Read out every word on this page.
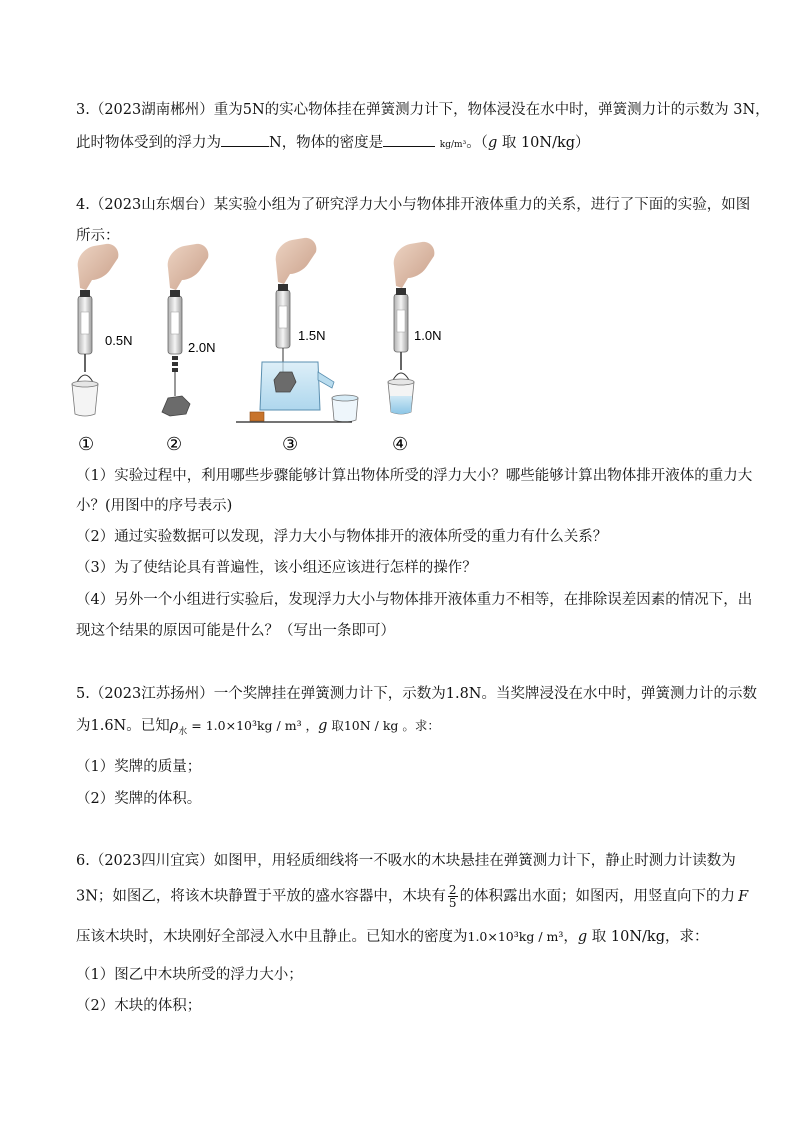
3.（2023湖南郴州）重为5N的实心物体挂在弹簧测力计下，物体浸没在水中时，弹簧测力计的示数为 3N，
此时物体受到的浮力为	N，物体的密度是	kg/m³。（g 取 10N/kg）
4.（2023山东烟台）某实验小组为了研究浮力大小与物体排开液体重力的关系，进行了下面的实验，如图
所示：
0.5N
①
2.0N
②
1.5N
③
1.0N
④
（1）实验过程中，利用哪些步骤能够计算出物体所受的浮力大小？哪些能够计算出物体排开液体的重力大
小？(用图中的序号表示)
（2）通过实验数据可以发现，浮力大小与物体排开的液体所受的重力有什么关系？
（3）为了使结论具有普遍性，该小组还应该进行怎样的操作？
（4）另外一个小组进行实验后，发现浮力大小与物体排开液体重力不相等，在排除误差因素的情况下，出
现这个结果的原因可能是什么？（写出一条即可）
5.（2023江苏扬州）一个奖牌挂在弹簧测力计下，示数为1.8N。当奖牌浸没在水中时，弹簧测力计的示数
为1.6N。已知$\rho_水 = 1.0\times 10^3kg / m^3$ ，g 取10N / kg 。求：
（1）奖牌的质量；
（2）奖牌的体积。
6.（2023四川宜宾）如图甲，用轻质细线将一不吸水的木块悬挂在弹簧测力计下，静止时测力计读数为
3N；如图乙，将该木块静置于平放的盛水容器中，木块有 $\frac{2}{5}$ 的体积露出水面；如图丙，用竖直向下的力 F
压该木块时，木块刚好全部浸入水中且静止。已知水的密度为1.0×10³kg / m³，g 取 10N/kg，求：
（1）图乙中木块所受的浮力大小；
（2）木块的体积；
